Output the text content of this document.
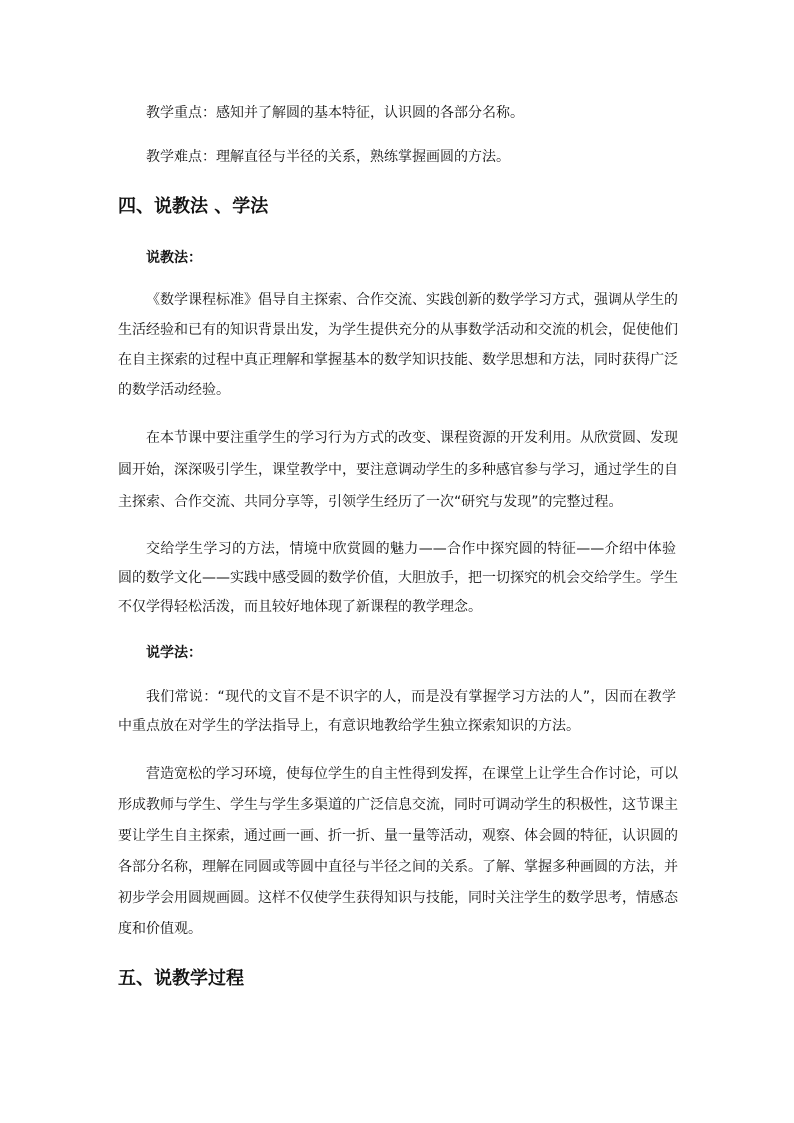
教学重点：感知并了解圆的基本特征，认识圆的各部分名称。

教学难点：理解直径与半径的关系，熟练掌握画圆的方法。

四、说教法 、学法

说教法：

《数学课程标准》倡导自主探索、合作交流、实践创新的数学学习方式，强调从学生的

生活经验和已有的知识背景出发，为学生提供充分的从事数学活动和交流的机会，促使他们

在自主探索的过程中真正理解和掌握基本的数学知识技能、数学思想和方法，同时获得广泛

的数学活动经验。

在本节课中要注重学生的学习行为方式的改变、课程资源的开发利用。从欣赏圆、发现

圆开始，深深吸引学生，课堂教学中，要注意调动学生的多种感官参与学习，通过学生的自

主探索、合作交流、共同分享等，引领学生经历了一次“研究与发现”的完整过程。

交给学生学习的方法，情境中欣赏圆的魅力——合作中探究圆的特征——介绍中体验

圆的数学文化——实践中感受圆的数学价值，大胆放手，把一切探究的机会交给学生。学生

不仅学得轻松活泼，而且较好地体现了新课程的教学理念。

说学法：

我们常说：“现代的文盲不是不识字的人，而是没有掌握学习方法的人”，因而在教学

中重点放在对学生的学法指导上，有意识地教给学生独立探索知识的方法。

营造宽松的学习环境，使每位学生的自主性得到发挥，在课堂上让学生合作讨论，可以

形成教师与学生、学生与学生多渠道的广泛信息交流，同时可调动学生的积极性，这节课主

要让学生自主探索，通过画一画、折一折、量一量等活动，观察、体会圆的特征，认识圆的

各部分名称，理解在同圆或等圆中直径与半径之间的关系。了解、掌握多种画圆的方法，并

初步学会用圆规画圆。这样不仅使学生获得知识与技能，同时关注学生的数学思考，情感态

度和价值观。

五、说教学过程
